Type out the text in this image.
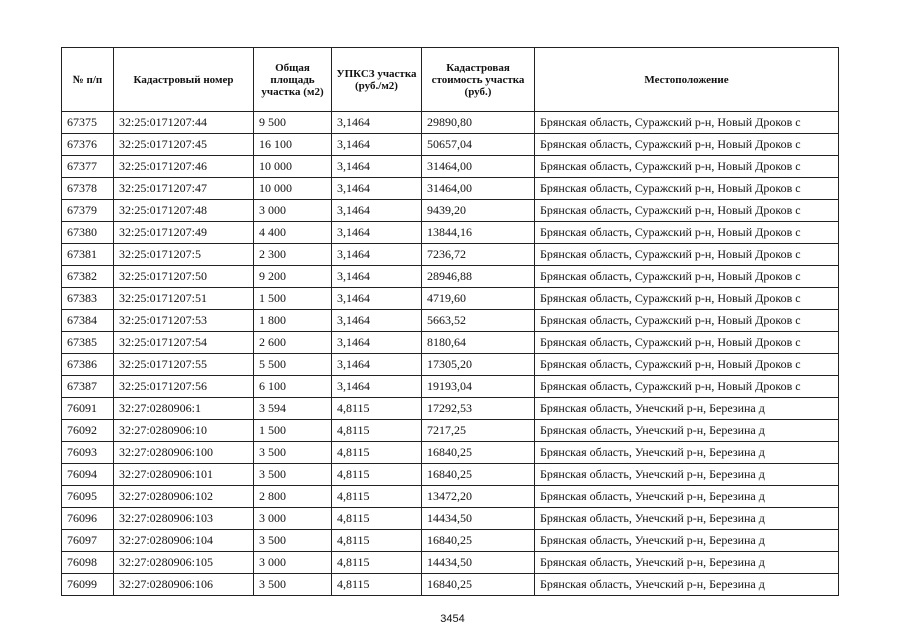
№ п/п	Кадастровый номер	Общая площадь участка (м2)	УПКСЗ участка (руб./м2)	Кадастровая стоимость участка (руб.)	Местоположение
67375	32:25:0171207:44	9 500	3,1464	29890,80	Брянская область, Суражский р-н, Новый Дроков с
67376	32:25:0171207:45	16 100	3,1464	50657,04	Брянская область, Суражский р-н, Новый Дроков с
67377	32:25:0171207:46	10 000	3,1464	31464,00	Брянская область, Суражский р-н, Новый Дроков с
67378	32:25:0171207:47	10 000	3,1464	31464,00	Брянская область, Суражский р-н, Новый Дроков с
67379	32:25:0171207:48	3 000	3,1464	9439,20	Брянская область, Суражский р-н, Новый Дроков с
67380	32:25:0171207:49	4 400	3,1464	13844,16	Брянская область, Суражский р-н, Новый Дроков с
67381	32:25:0171207:5	2 300	3,1464	7236,72	Брянская область, Суражский р-н, Новый Дроков с
67382	32:25:0171207:50	9 200	3,1464	28946,88	Брянская область, Суражский р-н, Новый Дроков с
67383	32:25:0171207:51	1 500	3,1464	4719,60	Брянская область, Суражский р-н, Новый Дроков с
67384	32:25:0171207:53	1 800	3,1464	5663,52	Брянская область, Суражский р-н, Новый Дроков с
67385	32:25:0171207:54	2 600	3,1464	8180,64	Брянская область, Суражский р-н, Новый Дроков с
67386	32:25:0171207:55	5 500	3,1464	17305,20	Брянская область, Суражский р-н, Новый Дроков с
67387	32:25:0171207:56	6 100	3,1464	19193,04	Брянская область, Суражский р-н, Новый Дроков с
76091	32:27:0280906:1	3 594	4,8115	17292,53	Брянская область, Унечский р-н, Березина д
76092	32:27:0280906:10	1 500	4,8115	7217,25	Брянская область, Унечский р-н, Березина д
76093	32:27:0280906:100	3 500	4,8115	16840,25	Брянская область, Унечский р-н, Березина д
76094	32:27:0280906:101	3 500	4,8115	16840,25	Брянская область, Унечский р-н, Березина д
76095	32:27:0280906:102	2 800	4,8115	13472,20	Брянская область, Унечский р-н, Березина д
76096	32:27:0280906:103	3 000	4,8115	14434,50	Брянская область, Унечский р-н, Березина д
76097	32:27:0280906:104	3 500	4,8115	16840,25	Брянская область, Унечский р-н, Березина д
76098	32:27:0280906:105	3 000	4,8115	14434,50	Брянская область, Унечский р-н, Березина д
76099	32:27:0280906:106	3 500	4,8115	16840,25	Брянская область, Унечский р-н, Березина д
3454
